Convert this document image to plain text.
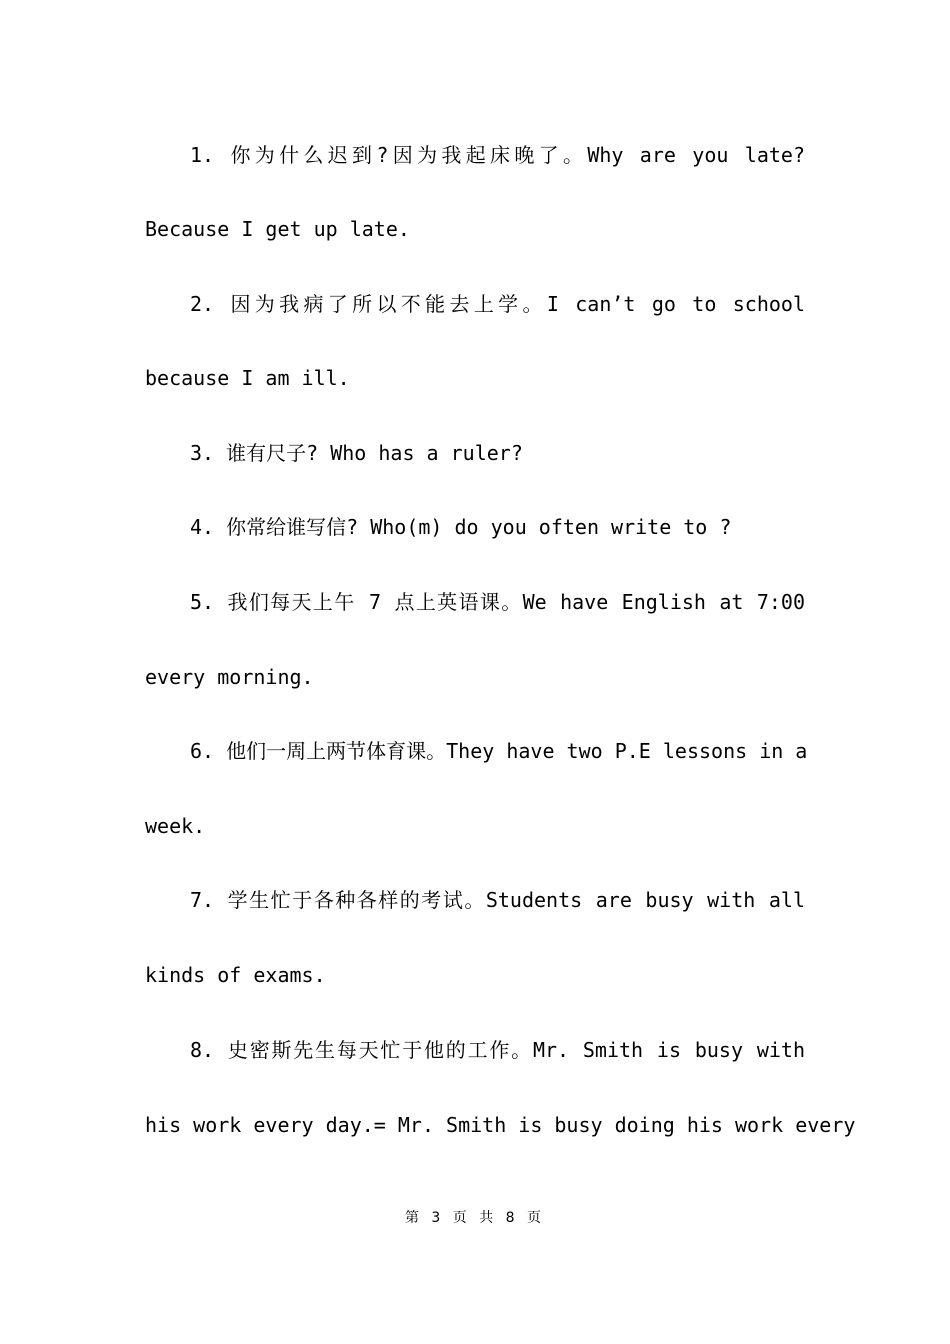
1. 你为什么迟到?因为我起床晚了。Why are you late?
Because I get up late.
2. 因为我病了所以不能去上学。I can’t go to school
because I am ill.
3. 谁有尺子? Who has a ruler?
4. 你常给谁写信? Who(m) do you often write to ?
5. 我们每天上午 7 点上英语课。We have English at 7:00
every morning.
6. 他们一周上两节体育课。They have two P.E lessons in a
week.
7. 学生忙于各种各样的考试。Students are busy with all
kinds of exams.
8. 史密斯先生每天忙于他的工作。Mr. Smith is busy with
his work every day.= Mr. Smith is busy doing his work every
第 3 页 共 8 页
